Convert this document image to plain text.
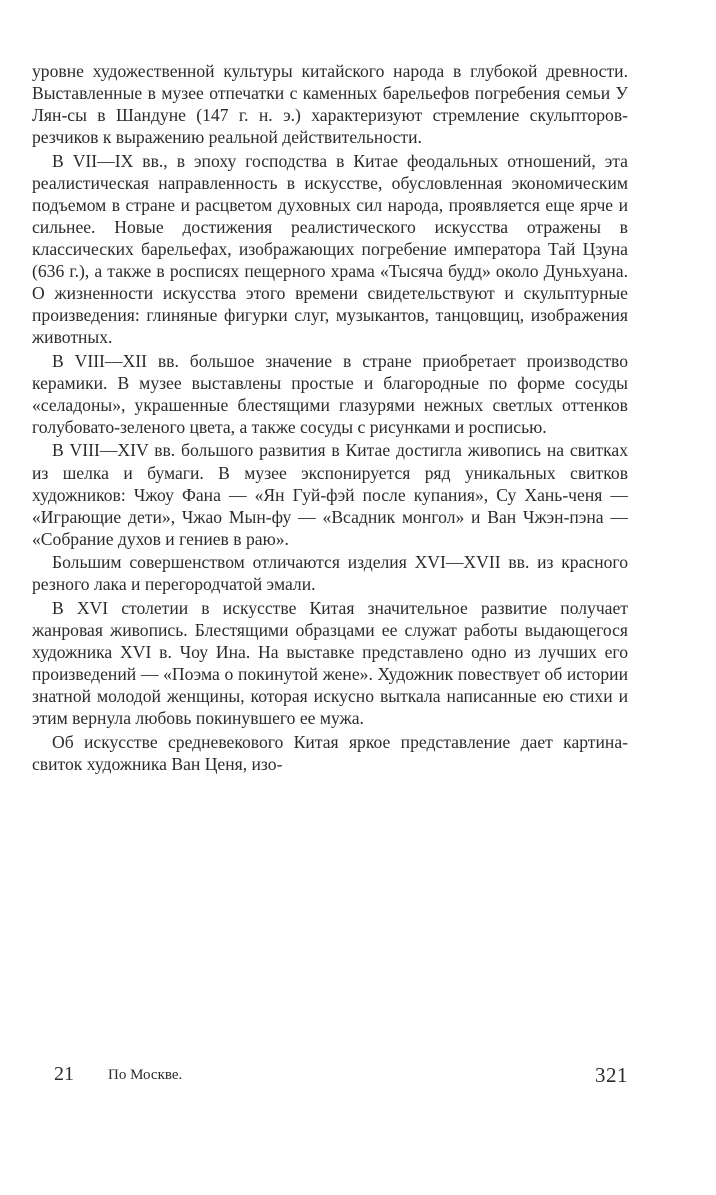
уровне художественной культуры китайского народа в глубокой древности. Выставленные в музее отпечатки с каменных барельефов погребения семьи У Лян-сы в Шандуне (147 г. н. э.) характеризуют стремление скульпторов-резчиков к выражению реальной действительности.

В VII—IX вв., в эпоху господства в Китае феодальных отношений, эта реалистическая направленность в искусстве, обусловленная экономическим подъемом в стране и расцветом духовных сил народа, проявляется еще ярче и сильнее. Новые достижения реалистического искусства отражены в классических барельефах, изображающих погребение императора Тай Цзуна (636 г.), а также в росписях пещерного храма «Тысяча будд» около Дуньхуана. О жизненности искусства этого времени свидетельствуют и скульптурные произведения: глиняные фигурки слуг, музыкантов, танцовщиц, изображения животных.

В VIII—XII вв. большое значение в стране приобретает производство керамики. В музее выставлены простые и благородные по форме сосуды «селадоны», украшенные блестящими глазурями нежных светлых оттенков голубовато-зеленого цвета, а также сосуды с рисунками и росписью.

В VIII—XIV вв. большого развития в Китае достигла живопись на свитках из шелка и бумаги. В музее экспонируется ряд уникальных свитков художников: Чжоу Фана — «Ян Гуй-фэй после купания», Су Хань-ченя — «Играющие дети», Чжао Мын-фу — «Всадник монгол» и Ван Чжэн-пэна — «Собрание духов и гениев в раю».

Большим совершенством отличаются изделия XVI—XVII вв. из красного резного лака и перегородчатой эмали.

В XVI столетии в искусстве Китая значительное развитие получает жанровая живопись. Блестящими образцами ее служат работы выдающегося художника XVI в. Чоу Ина. На выставке представлено одно из лучших его произведений — «Поэма о покинутой жене». Художник повествует об истории знатной молодой женщины, которая искусно выткала написанные ею стихи и этим вернула любовь покинувшего ее мужа.

Об искусстве средневекового Китая яркое представление дает картина-свиток художника Ван Ценя, изо-

21 По Москве.	321
